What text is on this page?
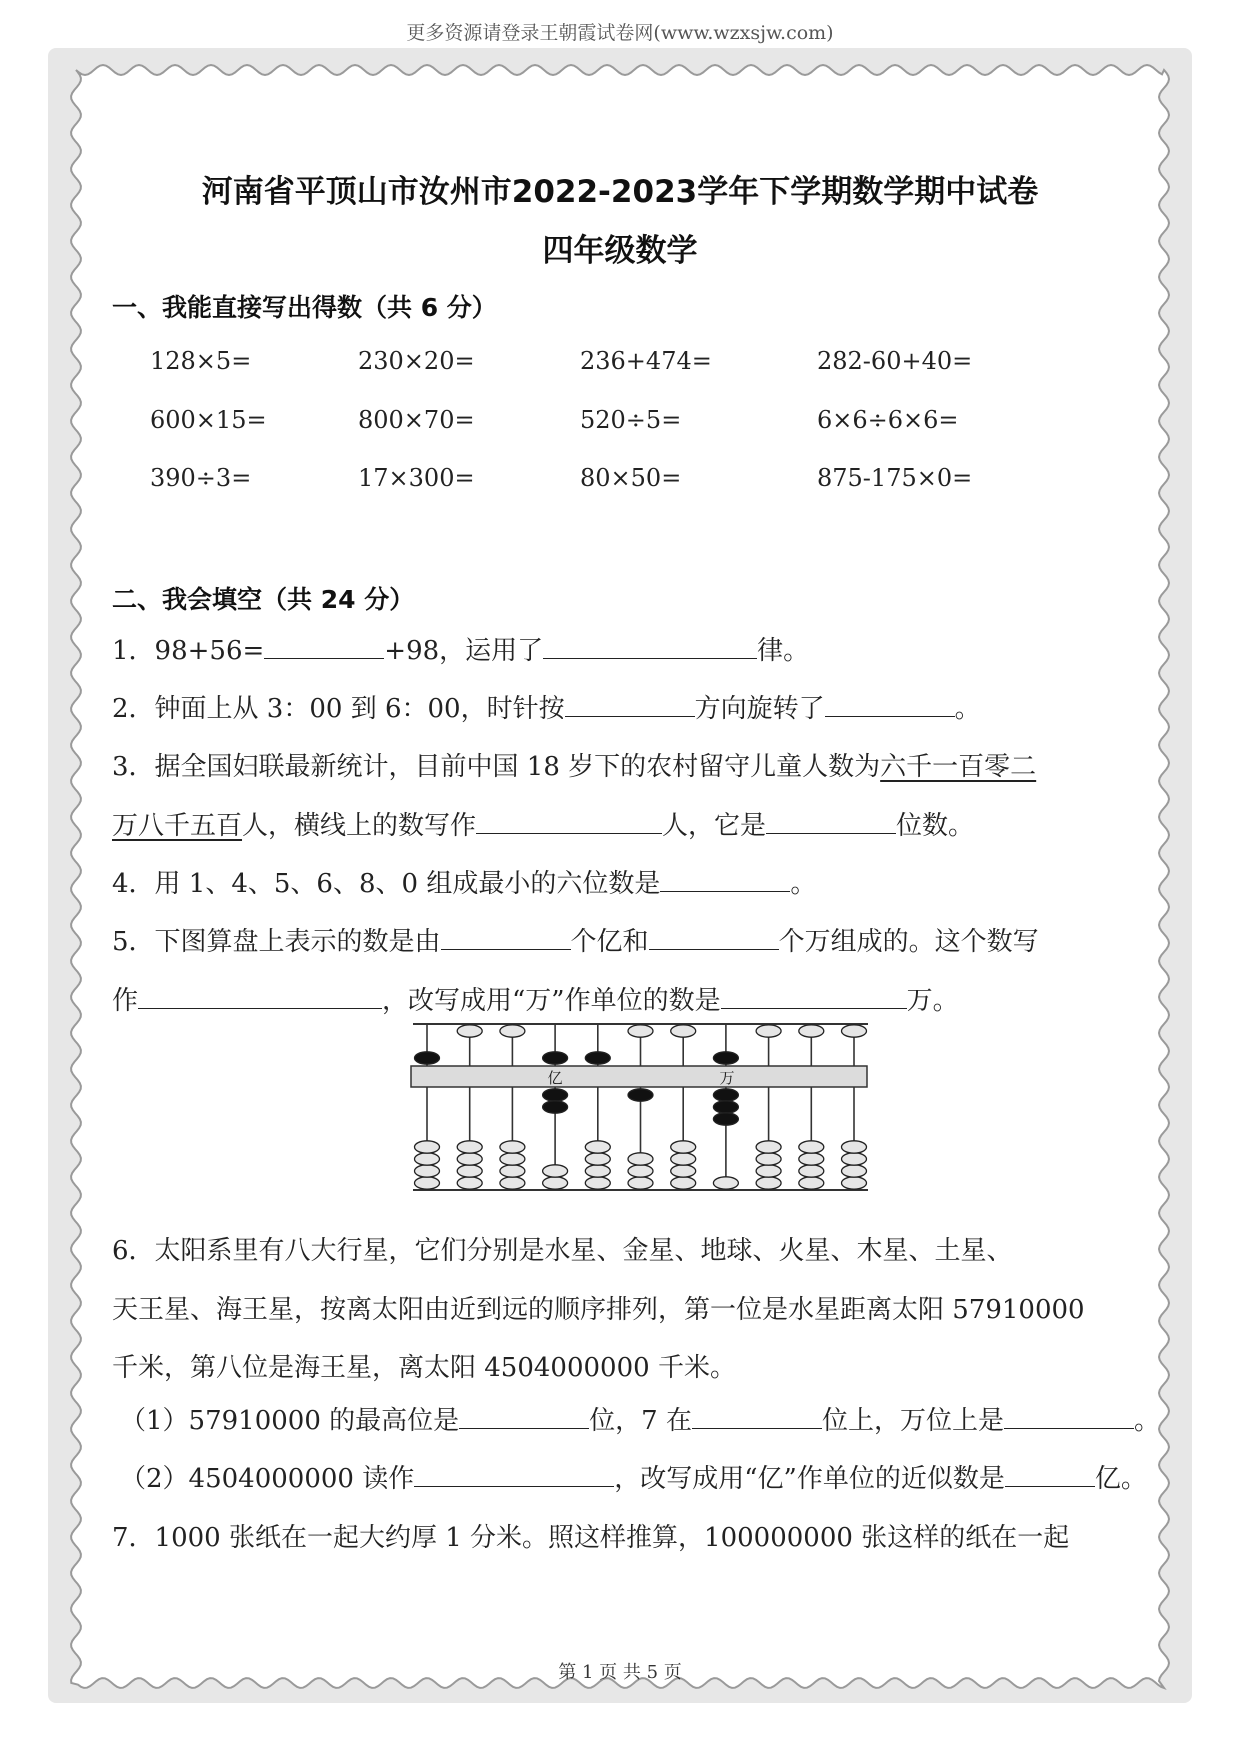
更多资源请登录王朝霞试卷网(www.wzxsjw.com)
河南省平顶山市汝州市2022-2023学年下学期数学期中试卷
四年级数学
一、我能直接写出得数（共 6 分）
128×5=	230×20=	236+474=	282-60+40=
600×15=	800×70=	520÷5=	6×6÷6×6=
390÷3=	17×300=	80×50=	875-175×0=
二、我会填空（共 24 分）
1．98+56=	+98，运用了	律。
2．钟面上从 3：00 到 6：00，时针按	方向旋转了	。
3．据全国妇联最新统计，目前中国 18 岁下的农村留守儿童人数为六千一百零二
万八千五百人，横线上的数写作	人，它是	位数。
4．用 1、4、5、6、8、0 组成最小的六位数是	。
5．下图算盘上表示的数是由	个亿和	个万组成的。这个数写
作	，改写成用“万”作单位的数是	万。
亿	万
6．太阳系里有八大行星，它们分别是水星、金星、地球、火星、木星、土星、
天王星、海王星，按离太阳由近到远的顺序排列，第一位是水星距离太阳 57910000
千米，第八位是海王星，离太阳 4504000000 千米。
（1）57910000 的最高位是	位，7 在	位上，万位上是	。
（2）4504000000 读作	，改写成用“亿”作单位的近似数是	亿。
7．1000 张纸在一起大约厚 1 分米。照这样推算，100000000 张这样的纸在一起
第 1 页 共 5 页
